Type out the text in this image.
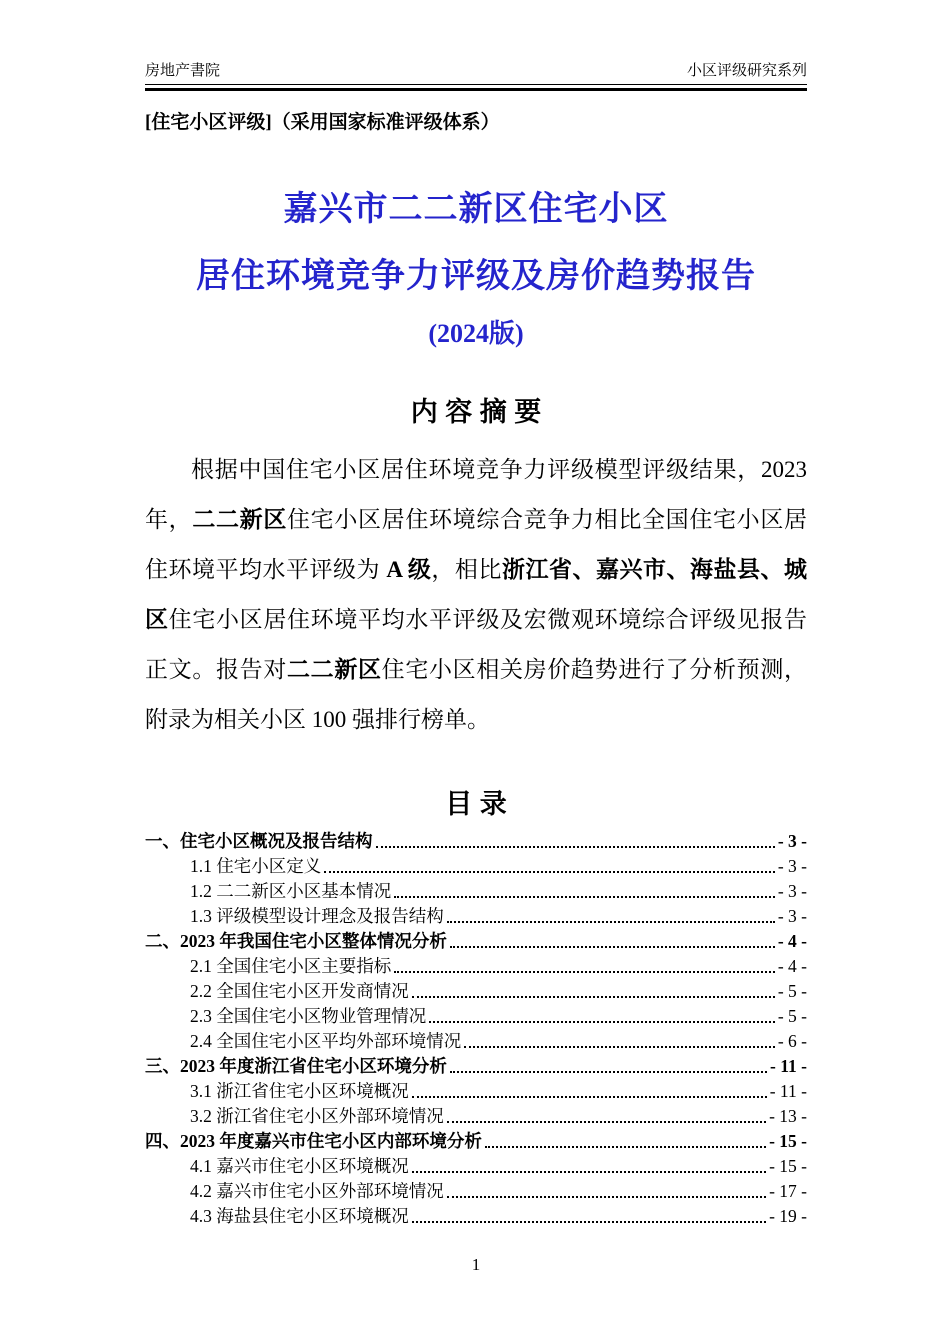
房地产書院	小区评级研究系列
[住宅小区评级]（采用国家标准评级体系）
嘉兴市二二新区住宅小区
居住环境竞争力评级及房价趋势报告
(2024版)
内 容 摘 要

根据中国住宅小区居住环境竞争力评级模型评级结果，2023 年，二二新区住宅小区居住环境综合竞争力相比全国住宅小区居住环境平均水平评级为 A 级，相比浙江省、嘉兴市、海盐县、城区住宅小区居住环境平均水平评级及宏微观环境综合评级见报告正文。报告对二二新区住宅小区相关房价趋势进行了分析预测，附录为相关小区 100 强排行榜单。

目 录
一、住宅小区概况及报告结构	- 3 -
1.1 住宅小区定义	- 3 -
1.2 二二新区小区基本情况	- 3 -
1.3 评级模型设计理念及报告结构	- 3 -
二、2023 年我国住宅小区整体情况分析	- 4 -
2.1 全国住宅小区主要指标	- 4 -
2.2 全国住宅小区开发商情况	- 5 -
2.3 全国住宅小区物业管理情况	- 5 -
2.4 全国住宅小区平均外部环境情况	- 6 -
三、2023 年度浙江省住宅小区环境分析	- 11 -
3.1 浙江省住宅小区环境概况	- 11 -
3.2 浙江省住宅小区外部环境情况	- 13 -
四、2023 年度嘉兴市住宅小区内部环境分析	- 15 -
4.1 嘉兴市住宅小区环境概况	- 15 -
4.2 嘉兴市住宅小区外部环境情况	- 17 -
4.3 海盐县住宅小区环境概况	- 19 -
1
